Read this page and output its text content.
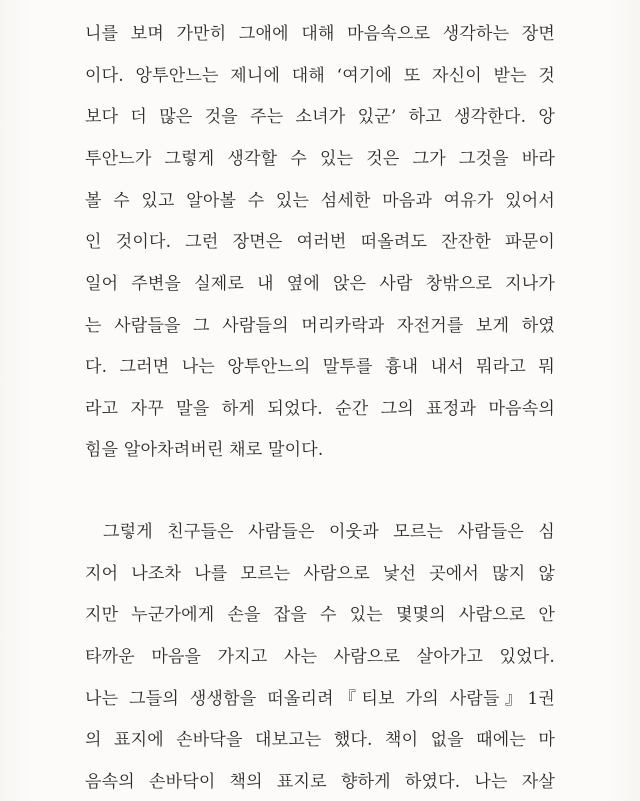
니를 보며 가만히 그애에 대해 마음속으로 생각하는 장면

이다. 앙투안느는 제니에 대해 ‘여기에 또 자신이 받는 것

보다 더 많은 것을 주는 소녀가 있군’ 하고 생각한다. 앙

투안느가 그렇게 생각할 수 있는 것은 그가 그것을 바라

볼 수 있고 알아볼 수 있는 섬세한 마음과 여유가 있어서

인 것이다. 그런 장면은 여러번 떠올려도 잔잔한 파문이

일어 주변을 실제로 내 옆에 앉은 사람 창밖으로 지나가

는 사람들을 그 사람들의 머리카락과 자전거를 보게 하였

다. 그러면 나는 앙투안느의 말투를 흉내 내서 뭐라고 뭐

라고 자꾸 말을 하게 되었다. 순간 그의 표정과 마음속의

힘을 알아차려버린 채로 말이다.

그렇게 친구들은 사람들은 이웃과 모르는 사람들은 심

지어 나조차 나를 모르는 사람으로 낯선 곳에서 많지 않

지만 누군가에게 손을 잡을 수 있는 몇몇의 사람으로 안

타까운 마음을 가지고 사는 사람으로 살아가고 있었다.

나는 그들의 생생함을 떠올리려『티보 가의 사람들』1권

의 표지에 손바닥을 대보고는 했다. 책이 없을 때에는 마

음속의 손바닥이 책의 표지로 향하게 하였다. 나는 자살
